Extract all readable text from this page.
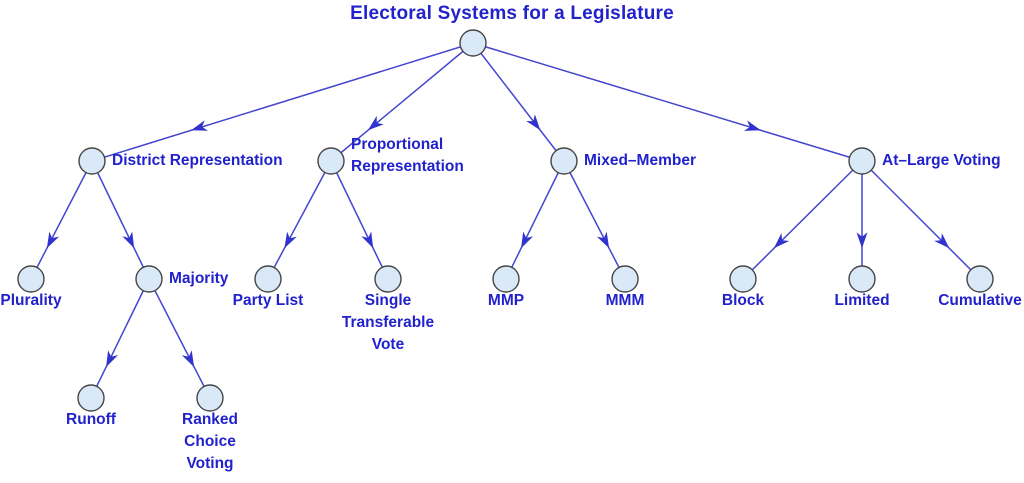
Electoral Systems for a Legislature
District Representation
Proportional
Representation	Mixed–Member	At–Large Voting
Plurality
Majority
Party List	Single
Transferable
Vote
MMP	MMM	Block	Limited	Cumulative
Runoff	Ranked
Choice
Voting
